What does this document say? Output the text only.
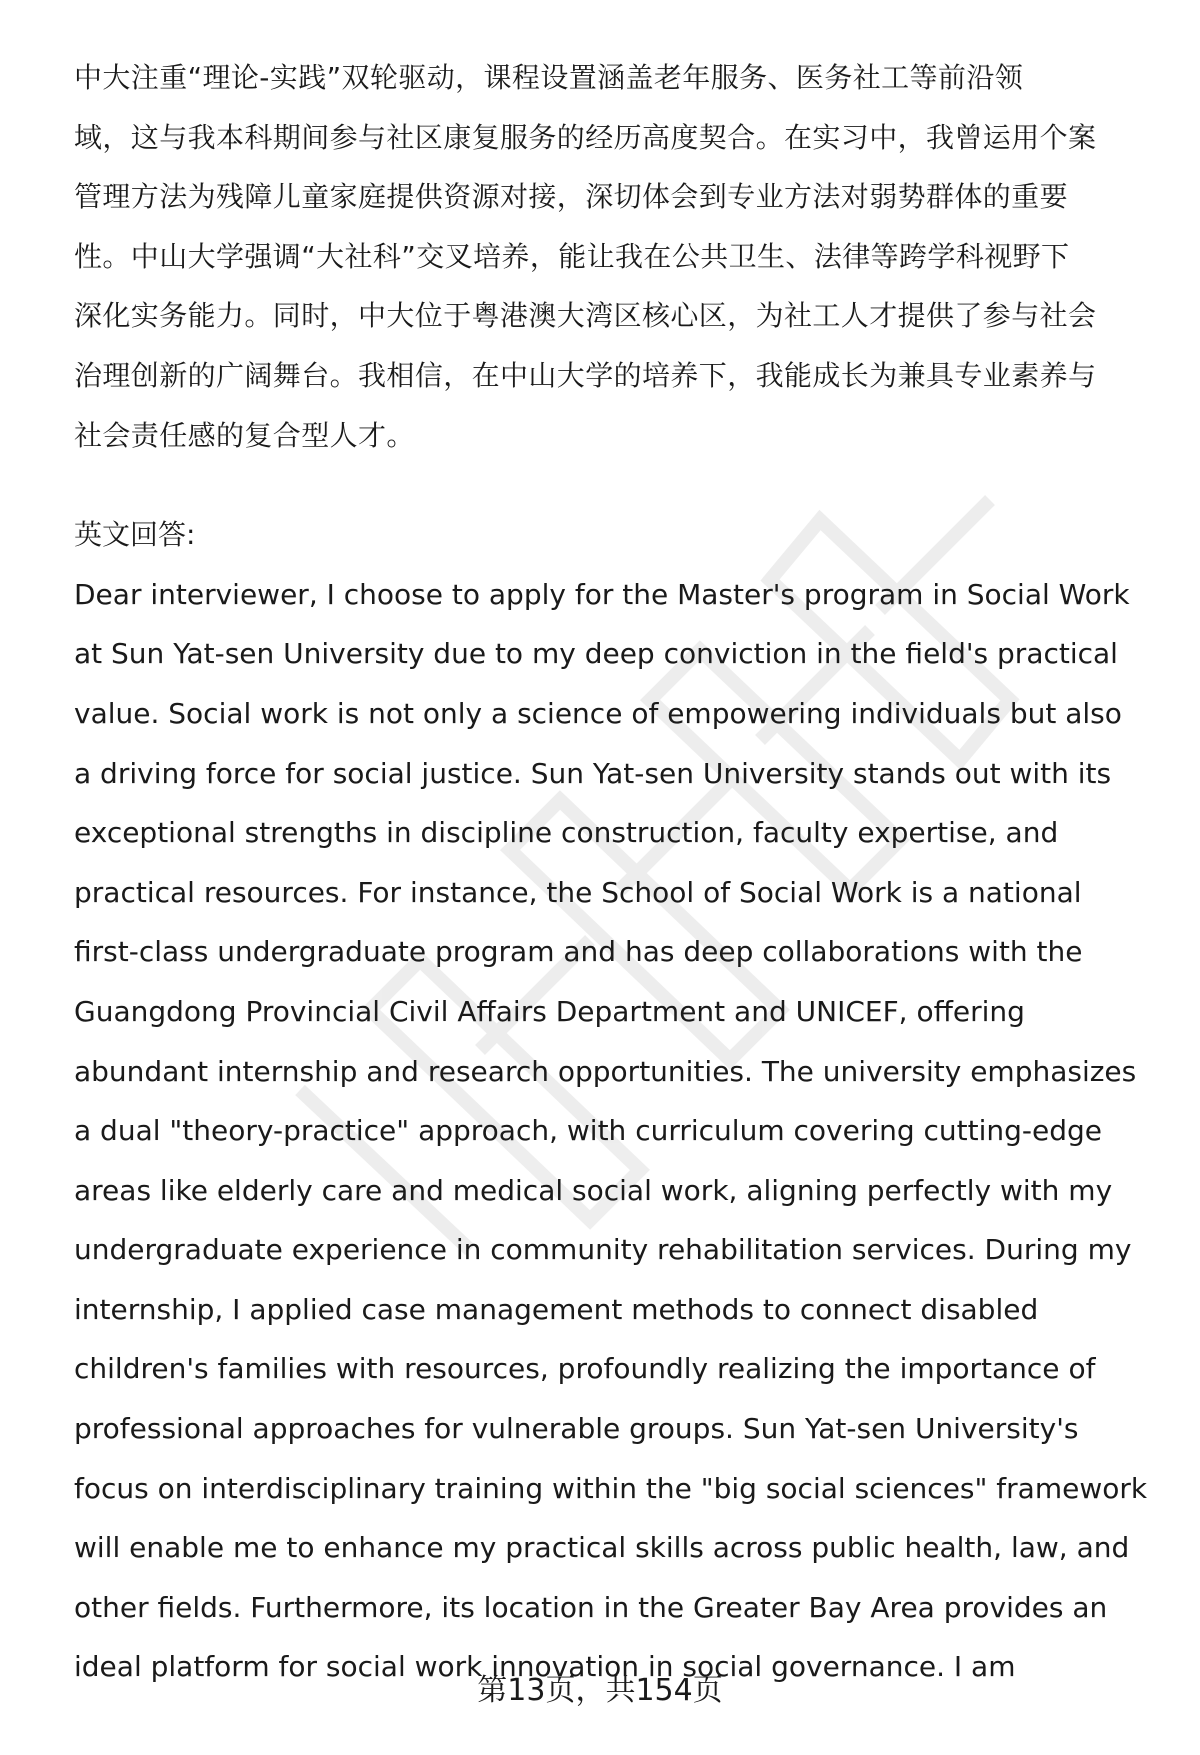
中大注重“理论-实践”双轮驱动，课程设置涵盖老年服务、医务社工等前沿领
域，这与我本科期间参与社区康复服务的经历高度契合。在实习中，我曾运用个案
管理方法为残障儿童家庭提供资源对接，深切体会到专业方法对弱势群体的重要
性。中山大学强调“大社科”交叉培养，能让我在公共卫生、法律等跨学科视野下
深化实务能力。同时，中大位于粤港澳大湾区核心区，为社工人才提供了参与社会
治理创新的广阔舞台。我相信，在中山大学的培养下，我能成长为兼具专业素养与
社会责任感的复合型人才。
英文回答:
Dear interviewer, I choose to apply for the Master's program in Social Work
at Sun Yat-sen University due to my deep conviction in the field's practical
value. Social work is not only a science of empowering individuals but also
a driving force for social justice. Sun Yat-sen University stands out with its
exceptional strengths in discipline construction, faculty expertise, and
practical resources. For instance, the School of Social Work is a national
first-class undergraduate program and has deep collaborations with the
Guangdong Provincial Civil Affairs Department and UNICEF, offering
abundant internship and research opportunities. The university emphasizes
a dual "theory-practice" approach, with curriculum covering cutting-edge
areas like elderly care and medical social work, aligning perfectly with my
undergraduate experience in community rehabilitation services. During my
internship, I applied case management methods to connect disabled
children's families with resources, profoundly realizing the importance of
professional approaches for vulnerable groups. Sun Yat-sen University's
focus on interdisciplinary training within the "big social sciences" framework
will enable me to enhance my practical skills across public health, law, and
other fields. Furthermore, its location in the Greater Bay Area provides an
ideal platform for social work innovation in social governance. I am
第13页，共154页
